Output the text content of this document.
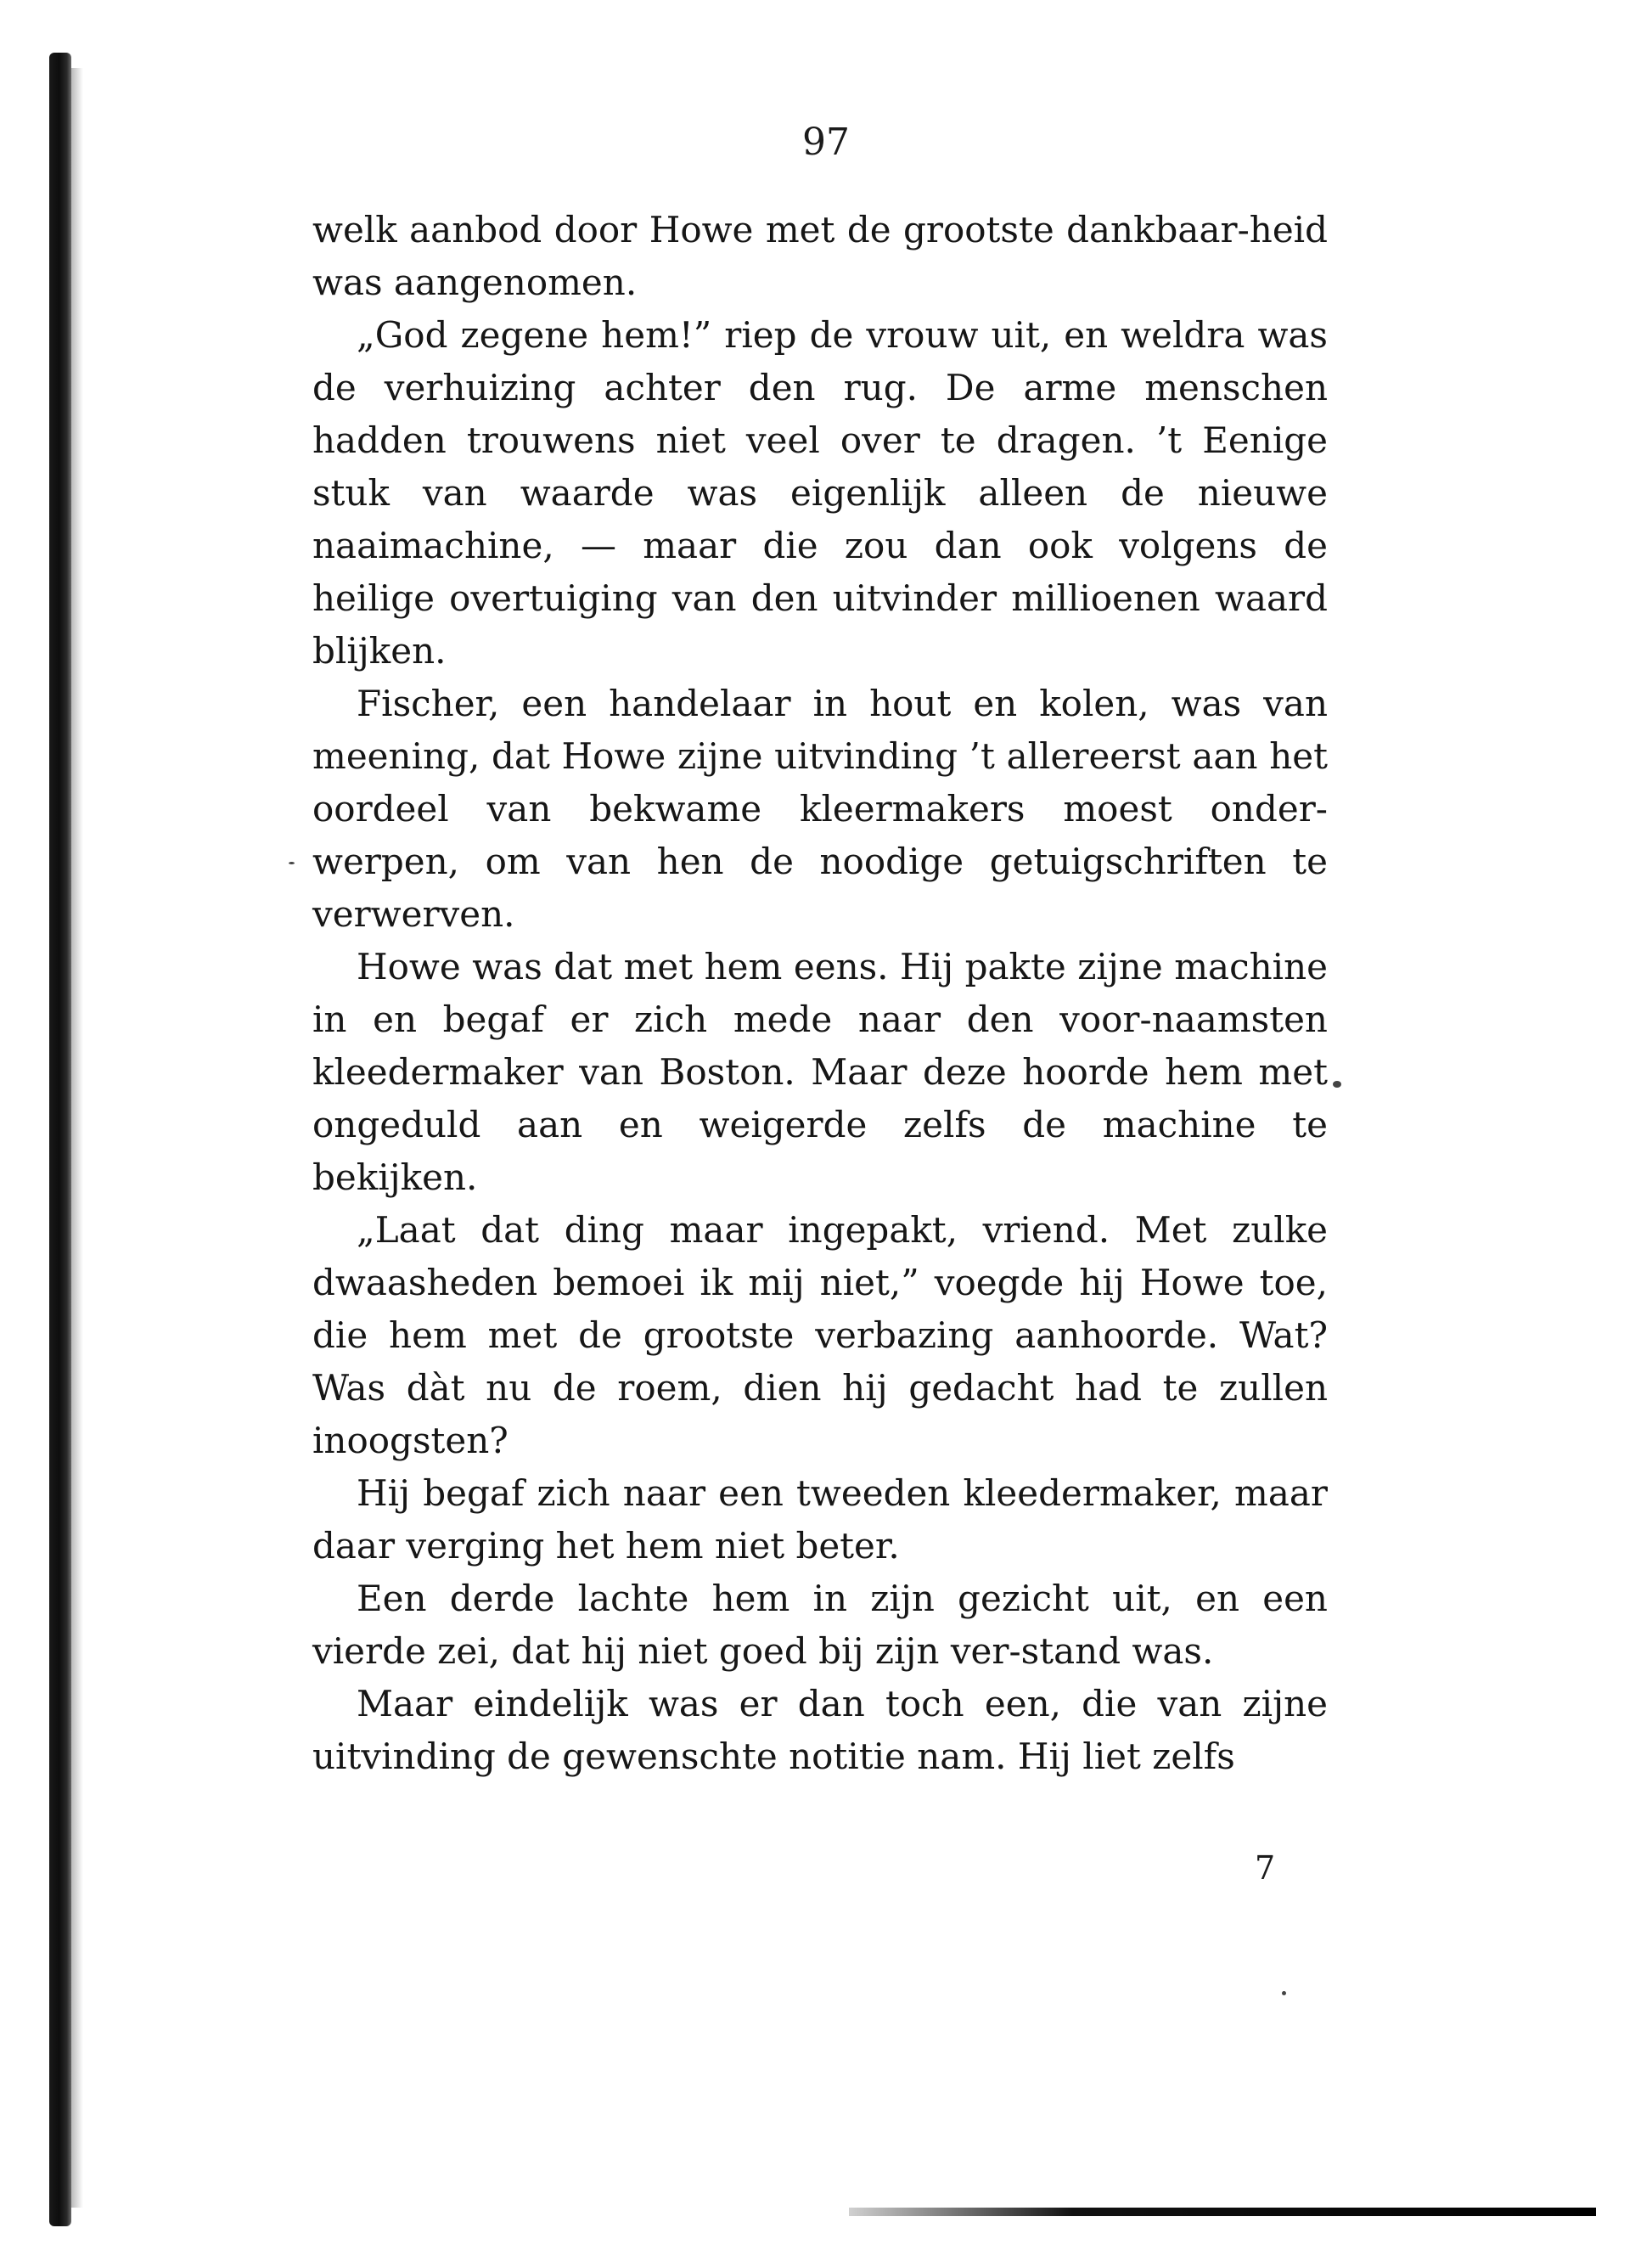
97

welk aanbod door Howe met de grootste dankbaar-heid was aangenomen.

„God zegene hem!” riep de vrouw uit, en weldra was de verhuizing achter den rug. De arme menschen hadden trouwens niet veel over te dragen. ’t Eenige stuk van waarde was eigenlijk alleen de nieuwe naaimachine, — maar die zou dan ook volgens de heilige overtuiging van den uitvinder millioenen waard blijken.

Fischer, een handelaar in hout en kolen, was van meening, dat Howe zijne uitvinding ’t allereerst aan het oordeel van bekwame kleermakers moest onder-werpen, om van hen de noodige getuigschriften te verwerven.

Howe was dat met hem eens. Hij pakte zijne machine in en begaf er zich mede naar den voor-naamsten kleedermaker van Boston. Maar deze hoorde hem met ongeduld aan en weigerde zelfs de machine te bekijken.

„Laat dat ding maar ingepakt, vriend. Met zulke dwaasheden bemoei ik mij niet,” voegde hij Howe toe, die hem met de grootste verbazing aanhoorde. Wat? Was dàt nu de roem, dien hij gedacht had te zullen inoogsten?

Hij begaf zich naar een tweeden kleedermaker, maar daar verging het hem niet beter.

Een derde lachte hem in zijn gezicht uit, en een vierde zei, dat hij niet goed bij zijn ver-stand was.

Maar eindelijk was er dan toch een, die van zijne uitvinding de gewenschte notitie nam. Hij liet zelfs

7
